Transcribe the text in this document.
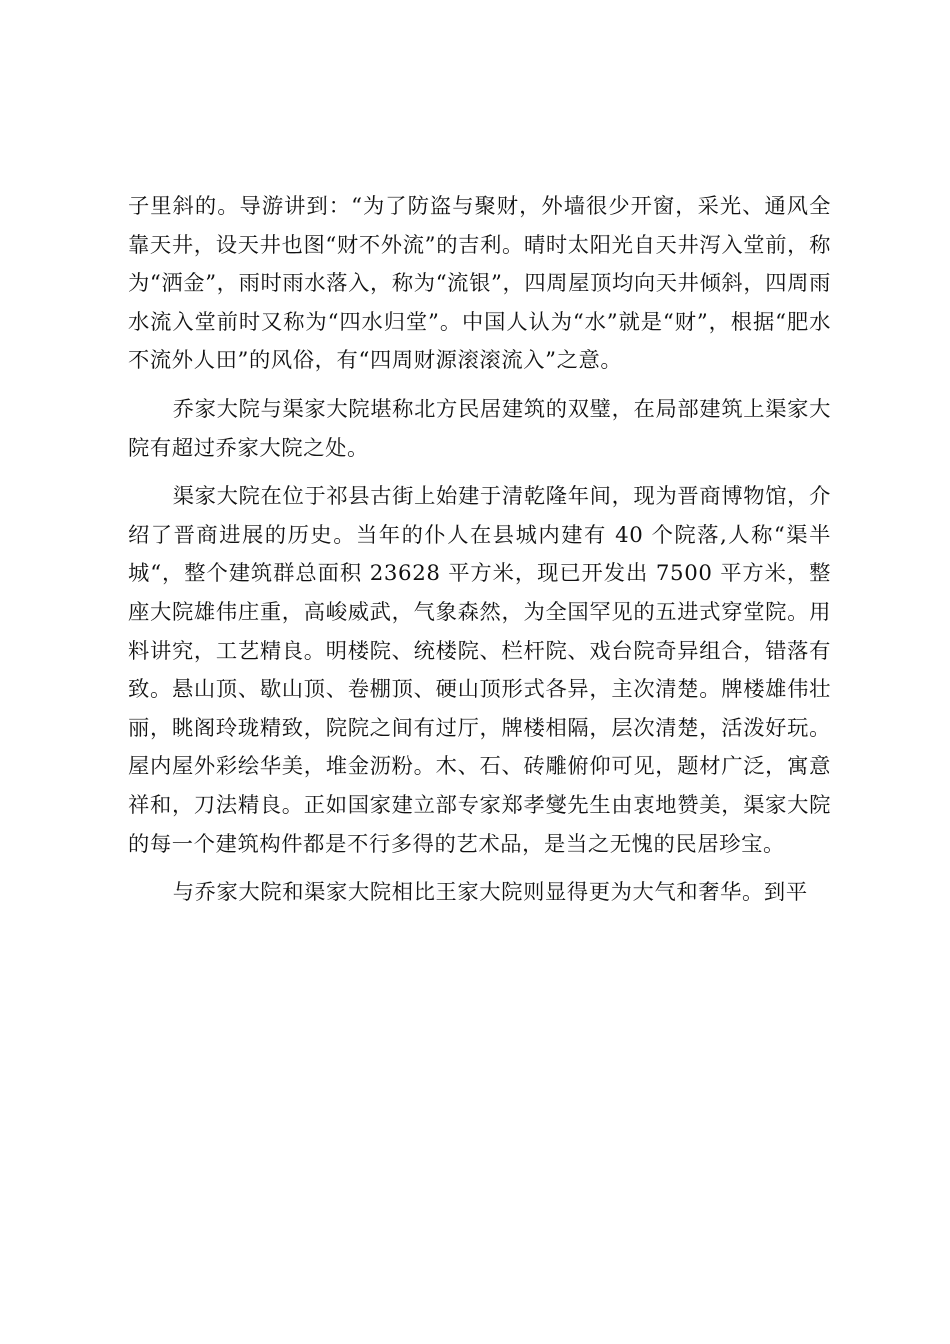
子里斜的。导游讲到：“为了防盗与聚财，外墙很少开窗，采光、通风全靠天井，设天井也图“财不外流”的吉利。晴时太阳光自天井泻入堂前，称为“洒金”，雨时雨水落入，称为“流银”，四周屋顶均向天井倾斜，四周雨水流入堂前时又称为“四水归堂”。中国人认为“水”就是“财”，根据“肥水不流外人田”的风俗，有“四周财源滚滚流入”之意。

乔家大院与渠家大院堪称北方民居建筑的双璧，在局部建筑上渠家大院有超过乔家大院之处。

渠家大院在位于祁县古街上始建于清乾隆年间，现为晋商博物馆，介绍了晋商进展的历史。当年的仆人在县城内建有 40 个院落,人称“渠半城“，整个建筑群总面积 23628 平方米，现已开发出 7500 平方米，整座大院雄伟庄重，高峻威武，气象森然，为全国罕见的五进式穿堂院。用料讲究，工艺精良。明楼院、统楼院、栏杆院、戏台院奇异组合，错落有致。悬山顶、歇山顶、卷棚顶、硬山顶形式各异，主次清楚。牌楼雄伟壮丽，眺阁玲珑精致，院院之间有过厅，牌楼相隔，层次清楚，活泼好玩。屋内屋外彩绘华美，堆金沥粉。木、石、砖雕俯仰可见，题材广泛，寓意祥和，刀法精良。正如国家建立部专家郑孝燮先生由衷地赞美，渠家大院的每一个建筑构件都是不行多得的艺术品，是当之无愧的民居珍宝。

与乔家大院和渠家大院相比王家大院则显得更为大气和奢华。到平
